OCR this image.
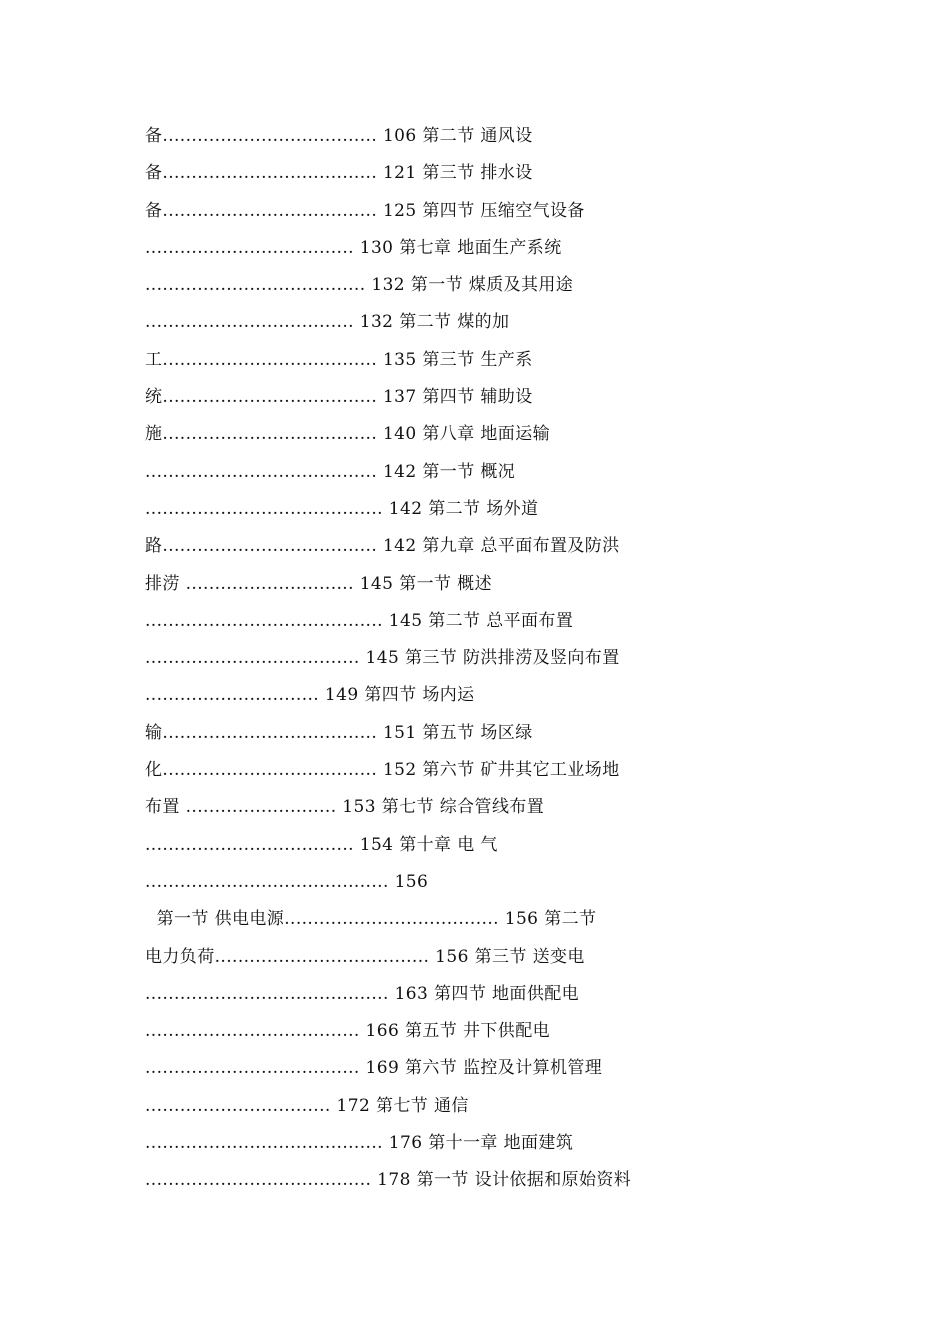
备..................................... 106 第二节 通风设
备..................................... 121 第三节 排水设
备..................................... 125 第四节 压缩空气设备
.................................... 130 第七章 地面生产系统
...................................... 132 第一节 煤质及其用途
.................................... 132 第二节 煤的加
工..................................... 135 第三节 生产系
统..................................... 137 第四节 辅助设
施..................................... 140 第八章 地面运输
........................................ 142 第一节 概况
......................................... 142 第二节 场外道
路..................................... 142 第九章 总平面布置及防洪
排涝 ............................. 145 第一节 概述
......................................... 145 第二节 总平面布置
..................................... 145 第三节 防洪排涝及竖向布置
.............................. 149 第四节 场内运
输..................................... 151 第五节 场区绿
化..................................... 152 第六节 矿井其它工业场地
布置 .......................... 153 第七节 综合管线布置
.................................... 154 第十章 电 气
.......................................... 156
第一节 供电电源..................................... 156 第二节
电力负荷..................................... 156 第三节 送变电
.......................................... 163 第四节 地面供配电
..................................... 166 第五节 井下供配电
..................................... 169 第六节 监控及计算机管理
................................ 172 第七节 通信
......................................... 176 第十一章 地面建筑
....................................... 178 第一节 设计依据和原始资料
